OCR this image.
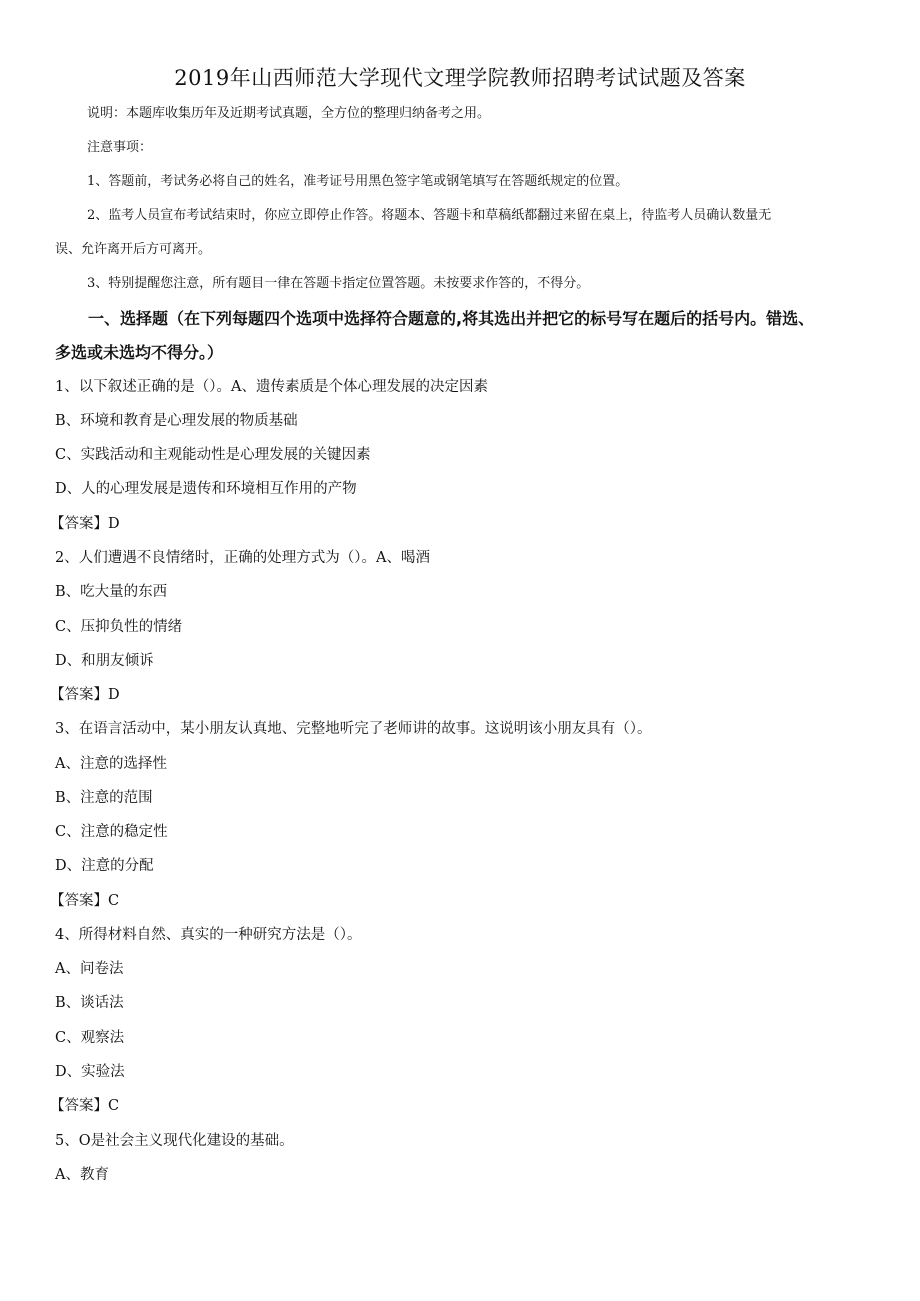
2019年山西师范大学现代文理学院教师招聘考试试题及答案
说明：本题库收集历年及近期考试真题，全方位的整理归纳备考之用。
注意事项：
1、答题前，考试务必将自己的姓名，准考证号用黑色签字笔或钢笔填写在答题纸规定的位置。
2、监考人员宣布考试结束时，你应立即停止作答。将题本、答题卡和草稿纸都翻过来留在桌上，待监考人员确认数量无
误、允许离开后方可离开。
3、特别提醒您注意，所有题目一律在答题卡指定位置答题。未按要求作答的，不得分。
一、选择题（在下列每题四个选项中选择符合题意的,将其选出并把它的标号写在题后的括号内。错选、
多选或未选均不得分。）
1、以下叙述正确的是（）。A、遗传素质是个体心理发展的决定因素
B、环境和教育是心理发展的物质基础
C、实践活动和主观能动性是心理发展的关键因素
D、人的心理发展是遗传和环境相互作用的产物
【答案】D
2、人们遭遇不良情绪时，正确的处理方式为（）。A、喝酒
B、吃大量的东西
C、压抑负性的情绪
D、和朋友倾诉
【答案】D
3、在语言活动中，某小朋友认真地、完整地听完了老师讲的故事。这说明该小朋友具有（）。
A、注意的选择性
B、注意的范围
C、注意的稳定性
D、注意的分配
【答案】C
4、所得材料自然、真实的一种研究方法是（）。
A、问卷法
B、谈话法
C、观察法
D、实验法
【答案】C
5、O是社会主义现代化建设的基础。
A、教育
